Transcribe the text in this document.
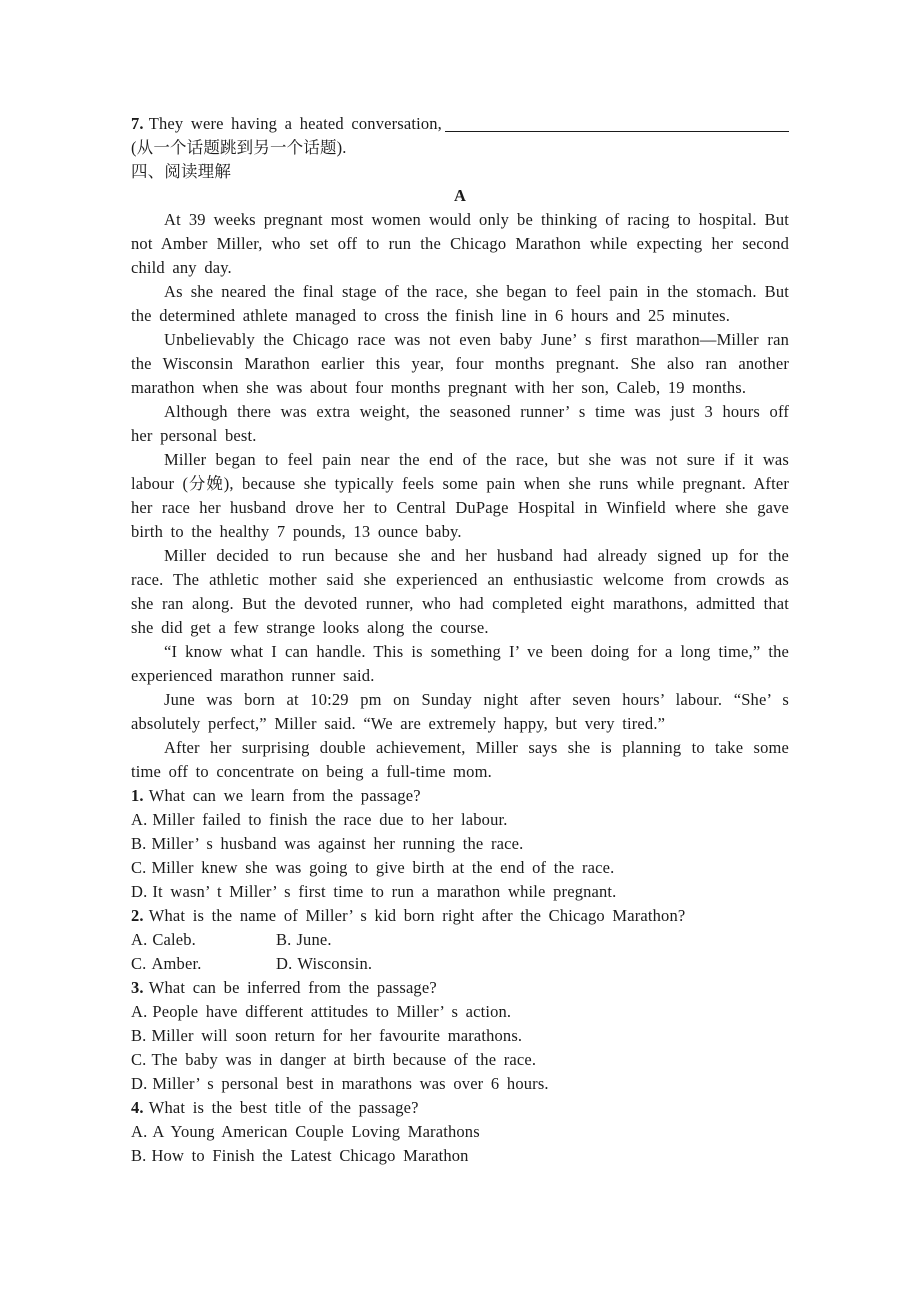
7. They were having a heated conversation,
(从一个话题跳到另一个话题).
四、阅读理解
A

At 39 weeks pregnant most women would only be thinking of racing to hospital. But not Amber Miller, who set off to run the Chicago Marathon while expecting her second child any day.

As she neared the final stage of the race, she began to feel pain in the stomach. But the determined athlete managed to cross the finish line in 6 hours and 25 minutes.

Unbelievably the Chicago race was not even baby June’ s first marathon—Miller ran the Wisconsin Marathon earlier this year, four months pregnant. She also ran another marathon when she was about four months pregnant with her son, Caleb, 19 months.

Although there was extra weight, the seasoned runner’ s time was just 3 hours off her personal best.

Miller began to feel pain near the end of the race, but she was not sure if it was labour (分娩), because she typically feels some pain when she runs while pregnant. After her race her husband drove her to Central DuPage Hospital in Winfield where she gave birth to the healthy 7 pounds, 13 ounce baby.

Miller decided to run because she and her husband had already signed up for the race. The athletic mother said she experienced an enthusiastic welcome from crowds as she ran along. But the devoted runner, who had completed eight marathons, admitted that she did get a few strange looks along the course.

“I know what I can handle. This is something I’ ve been doing for a long time,” the experienced marathon runner said.

June was born at 10:29 pm on Sunday night after seven hours’ labour. “She’ s absolutely perfect,” Miller said. “We are extremely happy, but very tired.”

After her surprising double achievement, Miller says she is planning to take some time off to concentrate on being a full-time mom.

1. What can we learn from the passage?
A. Miller failed to finish the race due to her labour.
B. Miller’ s husband was against her running the race.
C. Miller knew she was going to give birth at the end of the race.
D. It wasn’ t Miller’ s first time to run a marathon while pregnant.
2. What is the name of Miller’ s kid born right after the Chicago Marathon?
A. Caleb.	B. June.
C. Amber.	D. Wisconsin.
3. What can be inferred from the passage?
A. People have different attitudes to Miller’ s action.
B. Miller will soon return for her favourite marathons.
C. The baby was in danger at birth because of the race.
D. Miller’ s personal best in marathons was over 6 hours.
4. What is the best title of the passage?
A. A Young American Couple Loving Marathons
B. How to Finish the Latest Chicago Marathon
